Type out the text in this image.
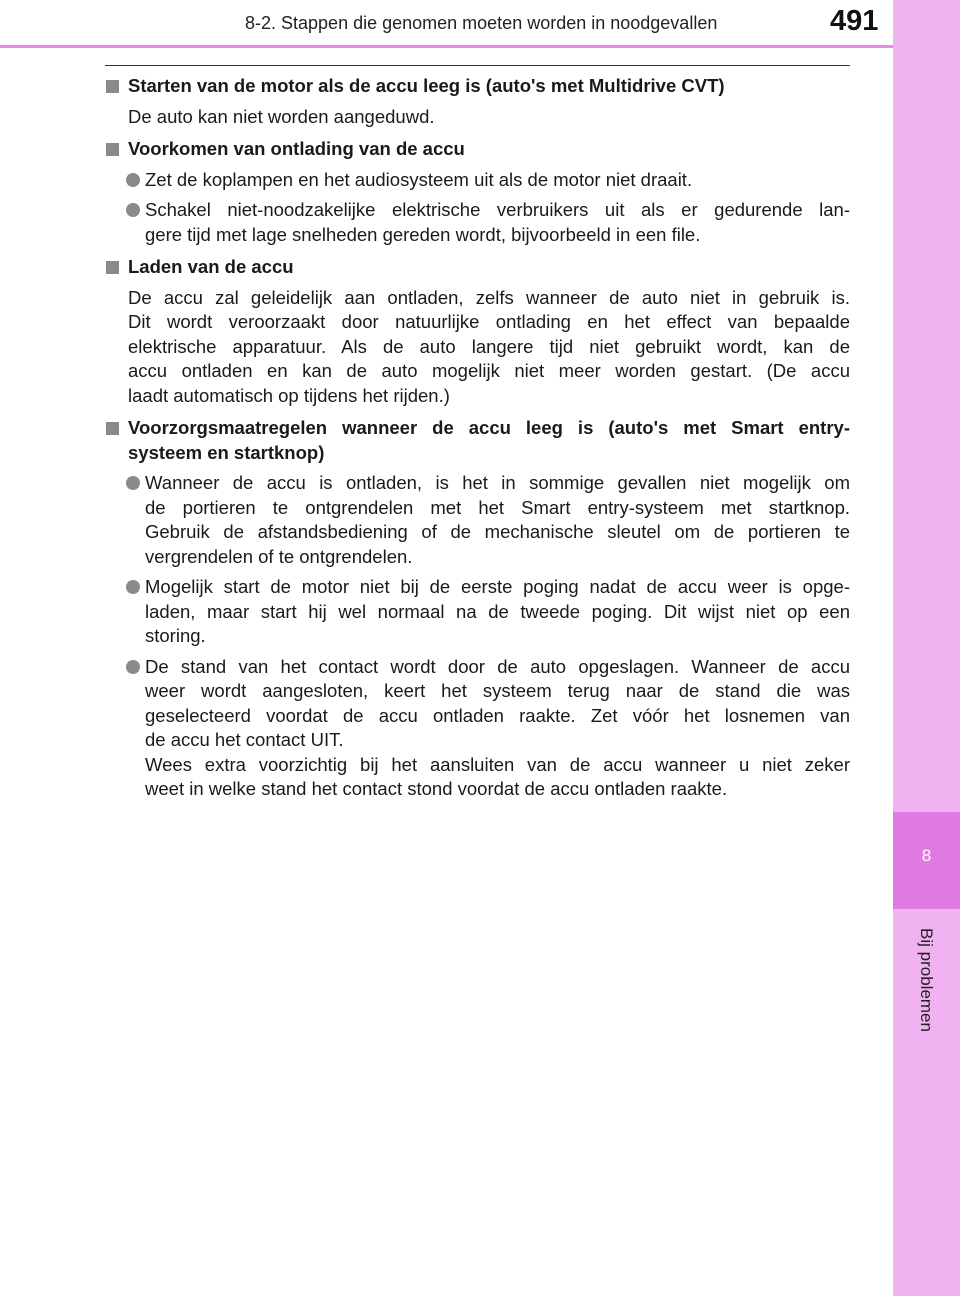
8
Bij problemen
8-2. Stappen die genomen moeten worden in noodgevallen	491
Starten van de motor als de accu leeg is (auto's met Multidrive CVT)
De auto kan niet worden aangeduwd.
Voorkomen van ontlading van de accu
Zet de koplampen en het audiosysteem uit als de motor niet draait.
Schakel niet-noodzakelijke elektrische verbruikers uit als er gedurende lan-
gere tijd met lage snelheden gereden wordt, bijvoorbeeld in een file.
Laden van de accu
De accu zal geleidelijk aan ontladen, zelfs wanneer de auto niet in gebruik is.
Dit wordt veroorzaakt door natuurlijke ontlading en het effect van bepaalde
elektrische apparatuur. Als de auto langere tijd niet gebruikt wordt, kan de
accu ontladen en kan de auto mogelijk niet meer worden gestart. (De accu
laadt automatisch op tijdens het rijden.)
Voorzorgsmaatregelen wanneer de accu leeg is (auto's met Smart entry-
systeem en startknop)
Wanneer de accu is ontladen, is het in sommige gevallen niet mogelijk om
de portieren te ontgrendelen met het Smart entry-systeem met startknop.
Gebruik de afstandsbediening of de mechanische sleutel om de portieren te
vergrendelen of te ontgrendelen.
Mogelijk start de motor niet bij de eerste poging nadat de accu weer is opge-
laden, maar start hij wel normaal na de tweede poging. Dit wijst niet op een
storing.
De stand van het contact wordt door de auto opgeslagen. Wanneer de accu
weer wordt aangesloten, keert het systeem terug naar de stand die was
geselecteerd voordat de accu ontladen raakte. Zet vóór het losnemen van
de accu het contact UIT.
Wees extra voorzichtig bij het aansluiten van de accu wanneer u niet zeker
weet in welke stand het contact stond voordat de accu ontladen raakte.
